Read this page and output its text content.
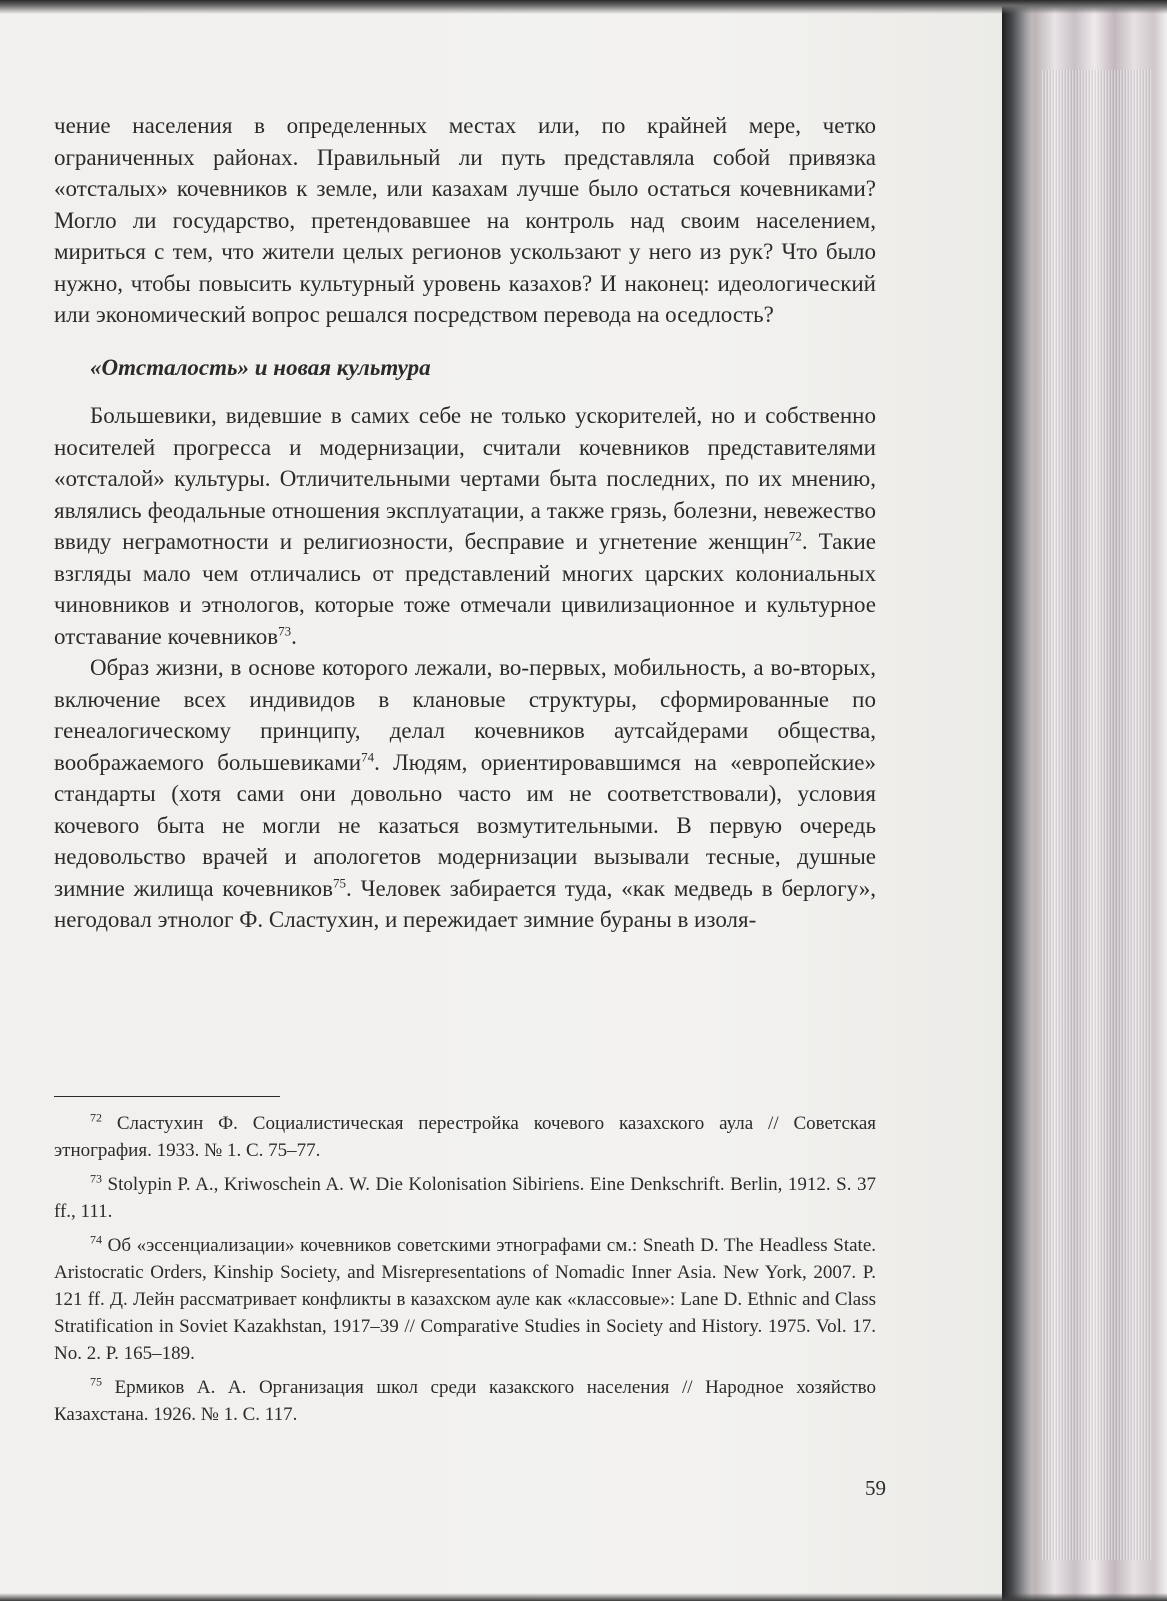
чение населения в определенных местах или, по крайней мере, четко ограниченных районах. Правильный ли путь представляла собой привязка «отсталых» кочевников к земле, или казахам лучше было остаться кочевниками? Могло ли государство, претендовавшее на контроль над своим населением, мириться с тем, что жители целых регионов ускользают у него из рук? Что было нужно, чтобы повысить культурный уровень казахов? И наконец: идеологический или экономический вопрос решался посредством перевода на оседлость?

«Отсталость» и новая культура

Большевики, видевшие в самих себе не только ускорителей, но и собственно носителей прогресса и модернизации, считали кочевников представителями «отсталой» культуры. Отличительными чертами быта последних, по их мнению, являлись феодальные отношения эксплуатации, а также грязь, болезни, невежество ввиду неграмотности и религиозности, бесправие и угнетение женщин$^{72}$. Такие взгляды мало чем отличались от представлений многих царских колониальных чиновников и этнологов, которые тоже отмечали цивилизационное и культурное отставание кочевников$^{73}$.

Образ жизни, в основе которого лежали, во-первых, мобильность, а во-вторых, включение всех индивидов в клановые структуры, сформированные по генеалогическому принципу, делал кочевников аутсайдерами общества, воображаемого большевиками$^{74}$. Людям, ориентировавшимся на «европейские» стандарты (хотя сами они довольно часто им не соответствовали), условия кочевого быта не могли не казаться возмутительными. В первую очередь недовольство врачей и апологетов модернизации вызывали тесные, душные зимние жилища кочевников$^{75}$. Человек забирается туда, «как медведь в берлогу», негодовал этнолог Ф. Сластухин, и пережидает зимние бураны в изоля-

$^{72}$ Сластухин Ф. Социалистическая перестройка кочевого казахского аула // Советская этнография. 1933. № 1. С. 75–77.

$^{73}$ Stolypin P. A., Kriwoschein A. W. Die Kolonisation Sibiriens. Eine Denkschrift. Berlin, 1912. S. 37 ff., 111.

$^{74}$ Об «эссенциализации» кочевников советскими этнографами см.: Sneath D. The Headless State. Aristocratic Orders, Kinship Society, and Misrepresentations of Nomadic Inner Asia. New York, 2007. P. 121 ff. Д. Лейн рассматривает конфликты в казахском ауле как «классовые»: Lane D. Ethnic and Class Stratification in Soviet Kazakhstan, 1917–39 // Comparative Studies in Society and History. 1975. Vol. 17. No. 2. P. 165–189.

$^{75}$ Ермиков А. А. Организация школ среди казакского населения // Народное хозяйство Казахстана. 1926. № 1. С. 117.

59
